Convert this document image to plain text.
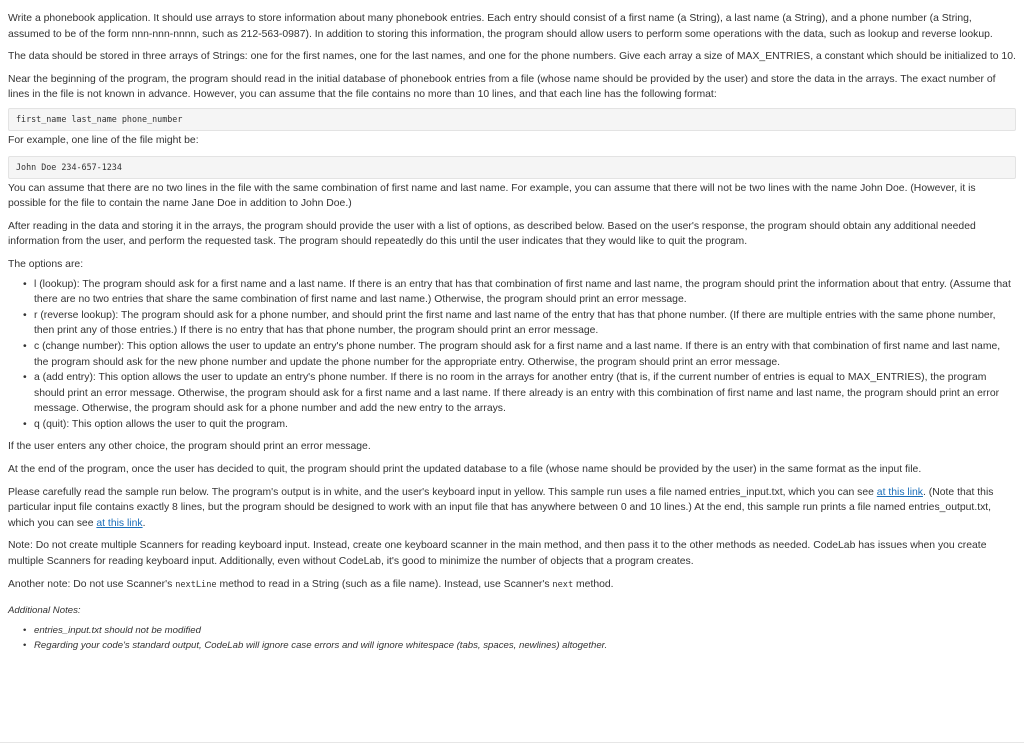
Write a phonebook application. It should use arrays to store information about many phonebook entries. Each entry should consist of a first name (a String), a last name (a String), and a phone number (a String, assumed to be of the form nnn-nnn-nnnn, such as 212-563-0987). In addition to storing this information, the program should allow users to perform some operations with the data, such as lookup and reverse lookup.

The data should be stored in three arrays of Strings: one for the first names, one for the last names, and one for the phone numbers. Give each array a size of MAX_ENTRIES, a constant which should be initialized to 10.

Near the beginning of the program, the program should read in the initial database of phonebook entries from a file (whose name should be provided by the user) and store the data in the arrays. The exact number of lines in the file is not known in advance. However, you can assume that the file contains no more than 10 lines, and that each line has the following format:

first_name last_name phone_number

For example, one line of the file might be:

John Doe 234-657-1234

You can assume that there are no two lines in the file with the same combination of first name and last name. For example, you can assume that there will not be two lines with the name John Doe. (However, it is possible for the file to contain the name Jane Doe in addition to John Doe.)

After reading in the data and storing it in the arrays, the program should provide the user with a list of options, as described below. Based on the user's response, the program should obtain any additional needed information from the user, and perform the requested task. The program should repeatedly do this until the user indicates that they would like to quit the program.

The options are:

• l (lookup): The program should ask for a first name and a last name. If there is an entry that has that combination of first name and last name, the program should print the information about that entry. (Assume that there are no two entries that share the same combination of first name and last name.) Otherwise, the program should print an error message.
• r (reverse lookup): The program should ask for a phone number, and should print the first name and last name of the entry that has that phone number. (If there are multiple entries with the same phone number, then print any of those entries.) If there is no entry that has that phone number, the program should print an error message.
• c (change number): This option allows the user to update an entry's phone number. The program should ask for a first name and a last name. If there is an entry with that combination of first name and last name, the program should ask for the new phone number and update the phone number for the appropriate entry. Otherwise, the program should print an error message.
• a (add entry): This option allows the user to update an entry's phone number. If there is no room in the arrays for another entry (that is, if the current number of entries is equal to MAX_ENTRIES), the program should print an error message. Otherwise, the program should ask for a first name and a last name. If there already is an entry with this combination of first name and last name, the program should print an error message. Otherwise, the program should ask for a phone number and add the new entry to the arrays.
• q (quit): This option allows the user to quit the program.

If the user enters any other choice, the program should print an error message.

At the end of the program, once the user has decided to quit, the program should print the updated database to a file (whose name should be provided by the user) in the same format as the input file.

Please carefully read the sample run below. The program's output is in white, and the user's keyboard input in yellow. This sample run uses a file named entries_input.txt, which you can see at this link. (Note that this particular input file contains exactly 8 lines, but the program should be designed to work with an input file that has anywhere between 0 and 10 lines.) At the end, this sample run prints a file named entries_output.txt, which you can see at this link.

Note: Do not create multiple Scanners for reading keyboard input. Instead, create one keyboard scanner in the main method, and then pass it to the other methods as needed. CodeLab has issues when you create multiple Scanners for reading keyboard input. Additionally, even without CodeLab, it's good to minimize the number of objects that a program creates.

Another note: Do not use Scanner's nextLine method to read in a String (such as a file name). Instead, use Scanner's next method.

Additional Notes:
• entries_input.txt should not be modified
• Regarding your code's standard output, CodeLab will ignore case errors and will ignore whitespace (tabs, spaces, newlines) altogether.
